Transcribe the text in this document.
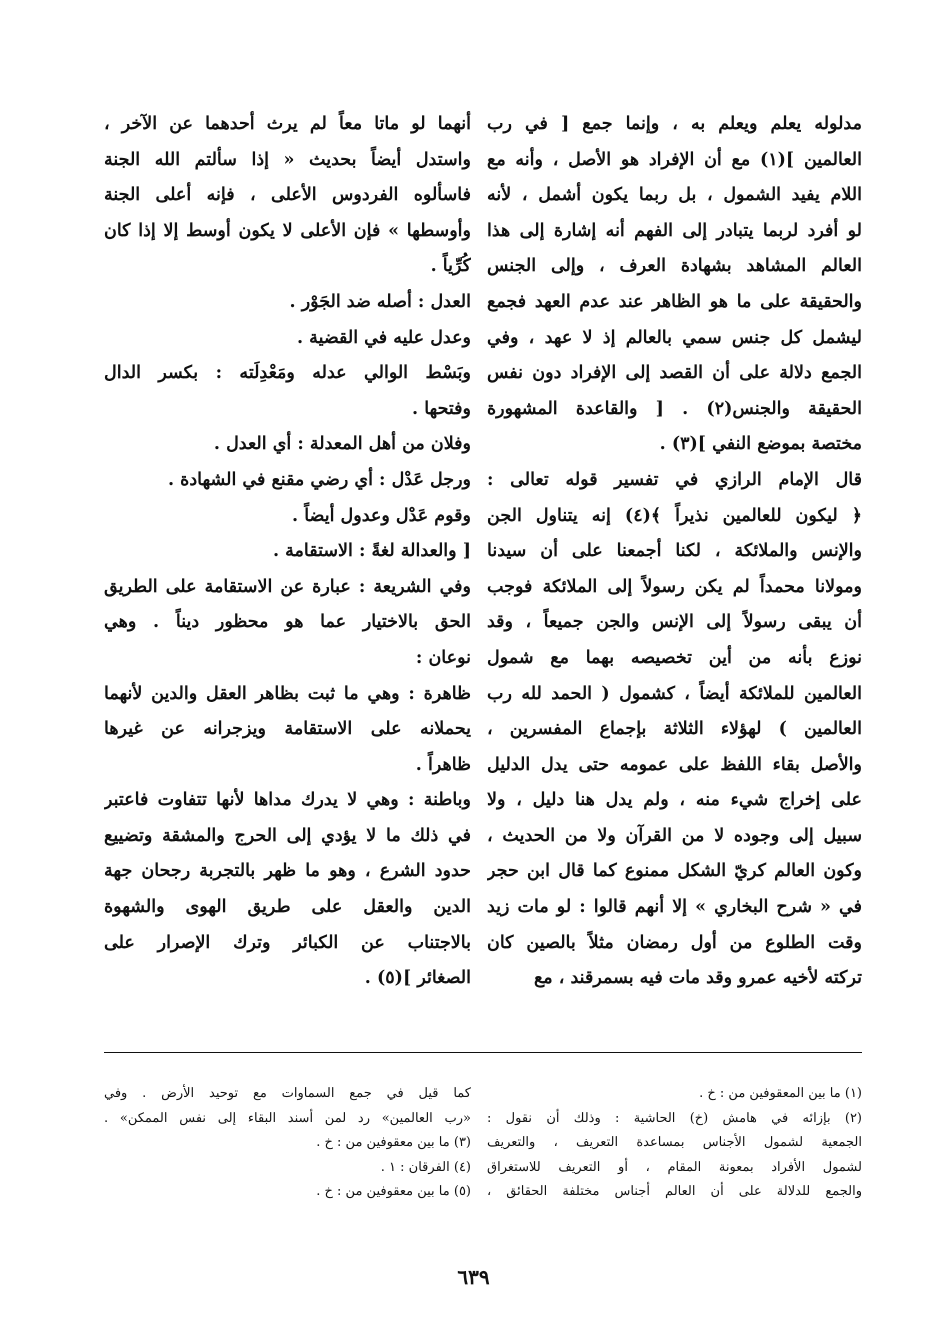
مدلوله يعلم ويعلم به ، وإنما جمع [ في رب
العالمين ](١) مع أن الإفراد هو الأصل ، وأنه مع
اللام يفيد الشمول ، بل ربما يكون أشمل ، لأنه
لو أفرد لربما يتبادر إلى الفهم أنه إشارة إلى هذا
العالم المشاهد بشهادة العرف ، وإلى الجنس
والحقيقة على ما هو الظاهر عند عدم العهد فجمع
ليشمل كل جنس سمي بالعالم إذ لا عهد ، وفي
الجمع دلالة على أن القصد إلى الإفراد دون نفس
الحقيقة والجنس(٢) . [ والقاعدة المشهورة
مختصة بموضع النفي ](٣) .
قال الإمام الرازي في تفسير قوله تعالى :
﴿ ليكون للعالمين نذيراً ﴾(٤) إنه يتناول الجن
والإنس والملائكة ، لكنا أجمعنا على أن سيدنا
ومولانا محمداً لم يكن رسولاً إلى الملائكة فوجب
أن يبقى رسولاً إلى الإنس والجن جميعاً ، وقد
نوزع بأنه من أين تخصيصه بهما مع شمول
العالمين للملائكة أيضاً ، كشمول ( الحمد لله رب
العالمين ) لهؤلاء الثلاثة بإجماع المفسرين ،
والأصل بقاء اللفظ على عمومه حتى يدل الدليل
على إخراج شيء منه ، ولم يدل هنا دليل ، ولا
سبيل إلى وجوده لا من القرآن ولا من الحديث ،
وكون العالم كريّ الشكل ممنوع كما قال ابن حجر
في « شرح البخاري » إلا أنهم قالوا : لو مات زيد
وقت الطلوع من أول رمضان مثلاً بالصين كان
تركته لأخيه عمرو وقد مات فيه بسمرقند ، مع
أنهما لو ماتا معاً لم يرث أحدهما عن الآخر ،
واستدل أيضاً بحديث « إذا سألتم الله الجنة
فاسألوه الفردوس الأعلى ، فإنه أعلى الجنة
وأوسطها » فإن الأعلى لا يكون أوسط إلا إذا كان
كُرِّياً .
العدل : أصله ضد الجَوْر .
وعدل عليه في القضية .
وبَسْط الوالي عدله ومَعْدِلَته : بكسر الدال
وفتحها .
وفلان من أهل المعدلة : أي العدل .
ورجل عَدْل : أي رضي مقنع في الشهادة .
وقوم عَدْل وعدول أيضاً .
[ والعدالة لغةً : الاستقامة .
وفي الشريعة : عبارة عن الاستقامة على الطريق
الحق بالاختيار عما هو محظور ديناً . وهي
نوعان :
ظاهرة : وهي ما ثبت بظاهر العقل والدين لأنهما
يحملانه على الاستقامة ويزجرانه عن غيرها
ظاهراً .
وباطنة : وهي لا يدرك مداها لأنها تتفاوت فاعتبر
في ذلك ما لا يؤدي إلى الحرج والمشقة وتضييع
حدود الشرع ، وهو ما ظهر بالتجربة رجحان جهة
الدين والعقل على طريق الهوى والشهوة
بالاجتناب عن الكبائر وترك الإصرار على
الصغائر ](٥) .
(١) ما بين المعقوفين من : خ .
(٢) بإزائه في هامش (خ) الحاشية : وذلك أن نقول :
الجمعية لشمول الأجناس بمساعدة التعريف ، والتعريف
لشمول الأفراد بمعونة المقام ، أو التعريف للاستغراق
والجمع للدلالة على أن العالم أجناس مختلفة الحقائق ،
كما قيل في جمع السماوات مع توحيد الأرض . وفي
«رب العالمين» رد لمن أسند البقاء إلى نفس الممكن» .
(٣) ما بين معقوفين من : خ .
(٤) الفرقان : ١ .
(٥) ما بين معقوفين من : خ .
٦٣٩
